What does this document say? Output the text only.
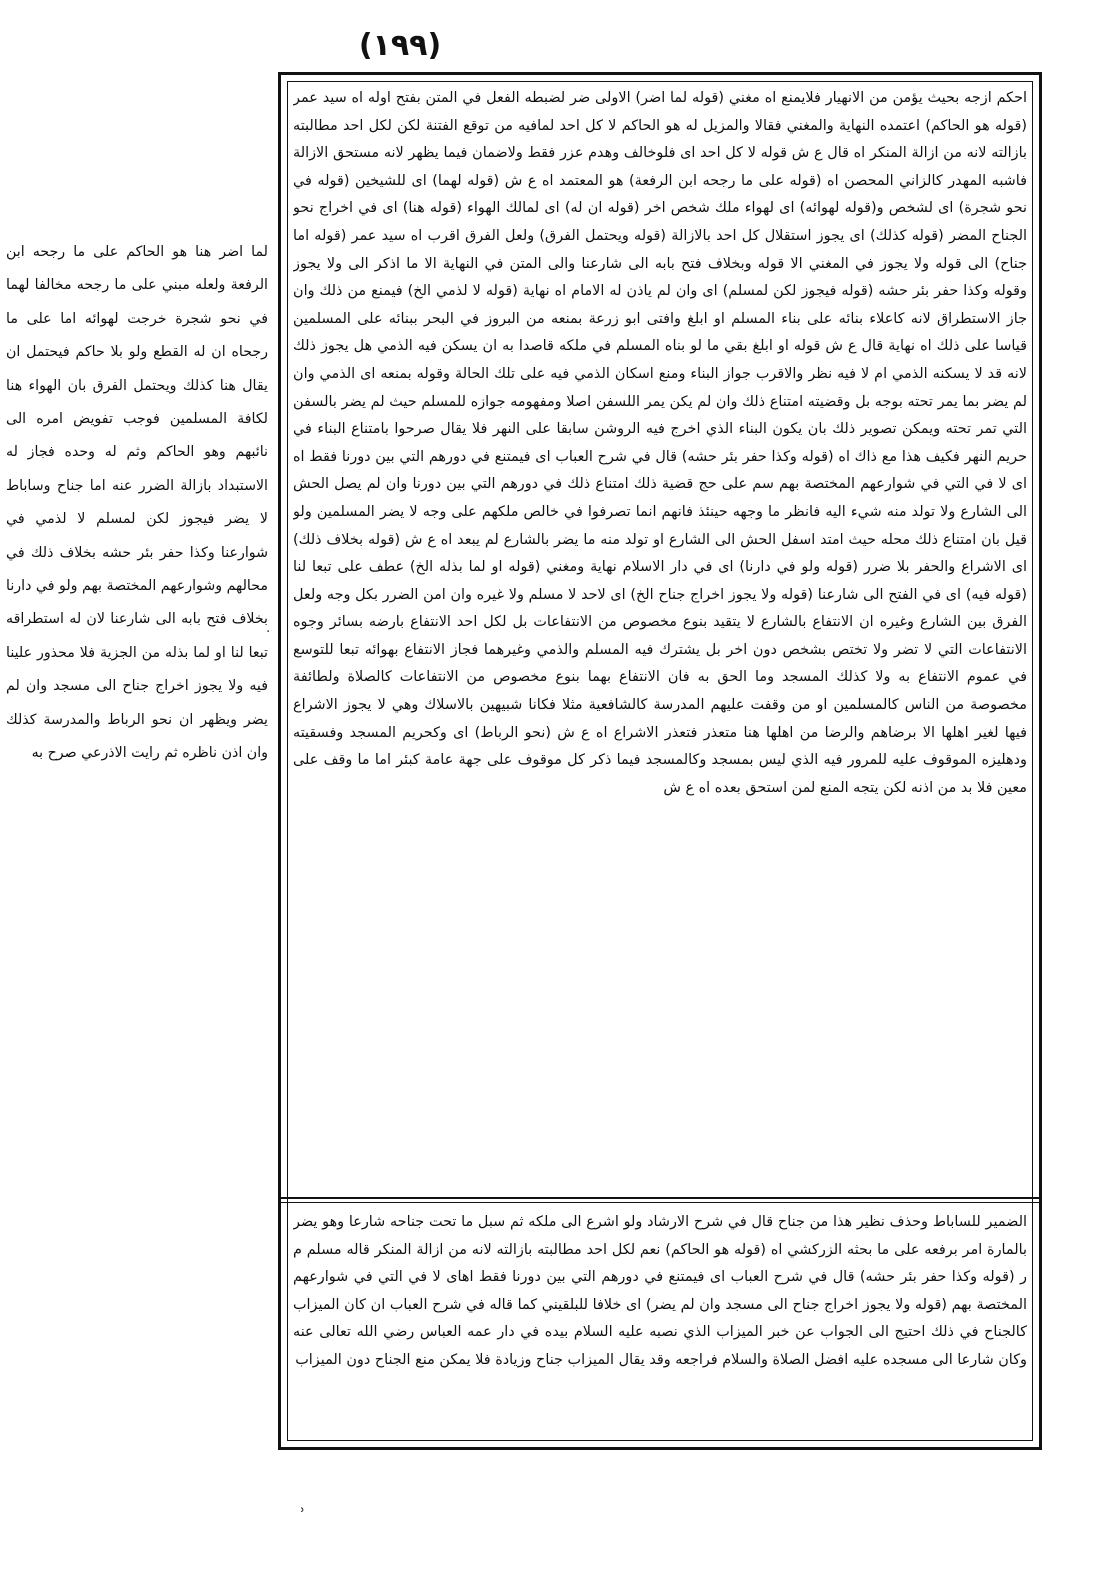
(١٩٩)
لما اضر هنا هو الحاكم على ما رجحه ابن الرفعة ولعله مبني على ما رجحه مخالفا لهما في نحو شجرة خرجت لهوائه اما على ما رجحاه ان له القطع ولو بلا حاكم فيحتمل ان يقال هنا كذلك ويحتمل الفرق بان الهواء هنا لكافة المسلمين فوجب تفويض امره الى نائبهم وهو الحاكم وثم له وحده فجاز له الاستبداد بازالة الضرر عنه اما جناح وساباط لا يضر فيجوز لكن لمسلم لا لذمي في شوارعنا وكذا حفر بئر حشه بخلاف ذلك في محالهم وشوارعهم المختصة بهم ولو في دارنا بخلاف فتح بابه الى شارعنا لان له استطراقه تبعا لنا او لما بذله من الجزية فلا محذور علينا فيه ولا يجوز اخراج جناح الى مسجد وان لم يضر ويظهر ان نحو الرباط والمدرسة كذلك وان اذن ناظره ثم رايت الاذرعي صرح به
احكم ازجه بحيث يؤمن من الانهيار فلايمنع اه مغني (قوله لما اضر) الاولى ضر لضبطه الفعل في المتن بفتح اوله اه سيد عمر (قوله هو الحاكم) اعتمده النهاية والمغني فقالا والمزيل له هو الحاكم لا كل احد لمافيه من توقع الفتنة لكن لكل احد مطالبته بازالته لانه من ازالة المنكر اه قال ع ش قوله لا كل احد اى فلوخالف وهدم عزر فقط ولاضمان فيما يظهر لانه مستحق الازالة فاشبه المهدر كالزاني المحصن اه (قوله على ما رجحه ابن الرفعة) هو المعتمد اه ع ش (قوله لهما) اى للشيخين (قوله في نحو شجرة) اى لشخص و(قوله لهوائه) اى لهواء ملك شخص اخر (قوله ان له) اى لمالك الهواء (قوله هنا) اى في اخراج نحو الجناح المضر (قوله كذلك) اى يجوز استقلال كل احد بالازالة (قوله ويحتمل الفرق) ولعل الفرق اقرب اه سيد عمر (قوله اما جناح) الى قوله ولا يجوز في المغني الا قوله وبخلاف فتح بابه الى شارعنا والى المتن في النهاية الا ما اذكر الى ولا يجوز وقوله وكذا حفر بئر حشه (قوله فيجوز لكن لمسلم) اى وان لم ياذن له الامام اه نهاية (قوله لا لذمي الخ) فيمنع من ذلك وان جاز الاستطراق لانه كاعلاء بنائه على بناء المسلم او ابلغ وافتى ابو زرعة بمنعه من البروز في البحر ببنائه على المسلمين قياسا على ذلك اه نهاية قال ع ش قوله او ابلغ بقي ما لو بناه المسلم في ملكه قاصدا به ان يسكن فيه الذمي هل يجوز ذلك لانه قد لا يسكنه الذمي ام لا فيه نظر والاقرب جواز البناء ومنع اسكان الذمي فيه على تلك الحالة وقوله بمنعه اى الذمي وان لم يضر بما يمر تحته بوجه بل وقضيته امتناع ذلك وان لم يكن يمر اللسفن اصلا ومفهومه جوازه للمسلم حيث لم يضر بالسفن التي تمر تحته ويمكن تصوير ذلك بان يكون البناء الذي اخرج فيه الروشن سابقا على النهر فلا يقال صرحوا بامتناع البناء في حريم النهر فكيف هذا مع ذاك اه (قوله وكذا حفر بئر حشه) قال في شرح العباب اى فيمتنع في دورهم التي بين دورنا فقط اه اى لا في التي في شوارعهم المختصة بهم سم على حج قضية ذلك امتناع ذلك في دورهم التي بين دورنا وان لم يصل الحش الى الشارع ولا تولد منه شيء اليه فانظر ما وجهه حينئذ فانهم انما تصرفوا في خالص ملكهم على وجه لا يضر المسلمين ولو قيل بان امتناع ذلك محله حيث امتد اسفل الحش الى الشارع او تولد منه ما يضر بالشارع لم يبعد اه ع ش (قوله بخلاف ذلك) اى الاشراع والحفر بلا ضرر (قوله ولو في دارنا) اى في دار الاسلام نهاية ومغني (قوله او لما بذله الخ) عطف على تبعا لنا (قوله فيه) اى في الفتح الى شارعنا (قوله ولا يجوز اخراج جناح الخ) اى لاحد لا مسلم ولا غيره وان امن الضرر بكل وجه ولعل الفرق بين الشارع وغيره ان الانتفاع بالشارع لا يتقيد بنوع مخصوص من الانتفاعات بل لكل احد الانتفاع بارضه بسائر وجوه الانتفاعات التي لا تضر ولا تختص بشخص دون اخر بل يشترك فيه المسلم والذمي وغيرهما فجاز الانتفاع بهوائه تبعا للتوسع في عموم الانتفاع به ولا كذلك المسجد وما الحق به فان الانتفاع بهما بنوع مخصوص من الانتفاعات كالصلاة ولطائفة مخصوصة من الناس كالمسلمين او من وقفت عليهم المدرسة كالشافعية مثلا فكانا شبيهين بالاسلاك وهي لا يجوز الاشراع فيها لغير اهلها الا برضاهم والرضا من اهلها هنا متعذر فتعذر الاشراع اه ع ش (نحو الرباط) اى وكحريم المسجد وفسقيته ودهليزه الموقوف عليه للمرور فيه الذي ليس بمسجد وكالمسجد فيما ذكر كل موقوف على جهة عامة كبئر اما ما وقف على معين فلا بد من اذنه لكن يتجه المنع لمن استحق بعده اه ع ش
الضمير للساباط وحذف نظير هذا من جناح قال في شرح الارشاد ولو اشرع الى ملكه ثم سبل ما تحت جناحه شارعا وهو يضر بالمارة امر برفعه على ما بحثه الزركشي اه (قوله هو الحاكم) نعم لكل احد مطالبته بازالته لانه من ازالة المنكر قاله مسلم م ر (قوله وكذا حفر بئر حشه) قال في شرح العباب اى فيمتنع في دورهم التي بين دورنا فقط اهاى لا في التي في شوارعهم المختصة بهم (قوله ولا يجوز اخراج جناح الى مسجد وان لم يضر) اى خلافا للبلقيني كما قاله في شرح العباب ان كان الميزاب كالجناح في ذلك احتيج الى الجواب عن خبر الميزاب الذي نصبه عليه السلام بيده في دار عمه العباس رضي الله تعالى عنه وكان شارعا الى مسجده عليه افضل الصلاة والسلام فراجعه وقد يقال الميزاب جناح وزيادة فلا يمكن منع الجناح دون الميزاب
·
ʾ
